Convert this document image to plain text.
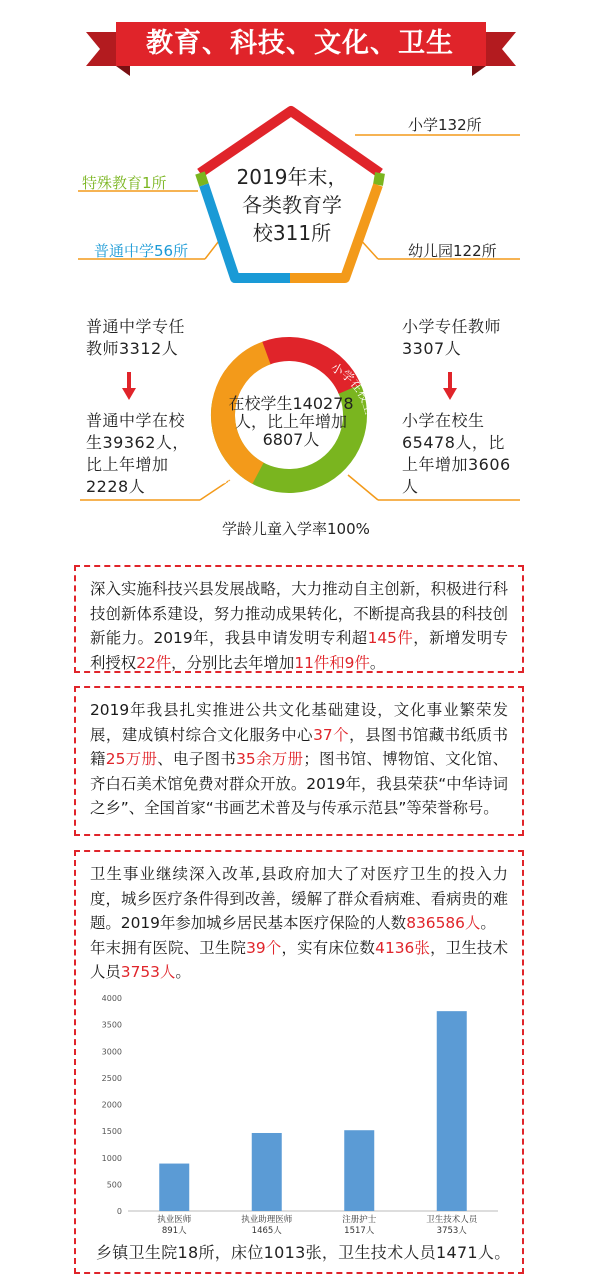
教育、科技、文化、卫生
2019年末，
各类教育学
校311所
小学132所
特殊教育1所
普通中学56所	幼儿园122所
普通中学在校生
小学在校生
普通中学专任教师3312人
小学专任教师3307人
普通中学在校生39362人，比上年增加2228人
小学在校生65478人，比上年增加3606人
在校学生140278人，比上年增加6807人
学龄儿童入学率100%

深入实施科技兴县发展战略，大力推动自主创新，积极进行科技创新体系建设，努力推动成果转化，不断提高我县的科技创新能力。2019年，我县申请发明专利超145件，新增发明专利授权22件，分别比去年增加11件和9件。

2019年我县扎实推进公共文化基础建设，文化事业繁荣发展，建成镇村综合文化服务中心37个，县图书馆藏书纸质书籍25万册、电子图书35余万册；图书馆、博物馆、文化馆、齐白石美术馆免费对群众开放。2019年，我县荣获“中华诗词之乡”、全国首家“书画艺术普及与传承示范县”等荣誉称号。

卫生事业继续深入改革,县政府加大了对医疗卫生的投入力度，城乡医疗条件得到改善，缓解了群众看病难、看病贵的难题。2019年参加城乡居民基本医疗保险的人数836586人。

年末拥有医院、卫生院39个，实有床位数4136张，卫生技术人员3753人。

0
500
1000
1500
2000
2500
3000
3500
4000
执业医师
891人
执业助理医师
1465人
注册护士
1517人
卫生技术人员
3753人
乡镇卫生院18所，床位1013张，卫生技术人员1471人。
